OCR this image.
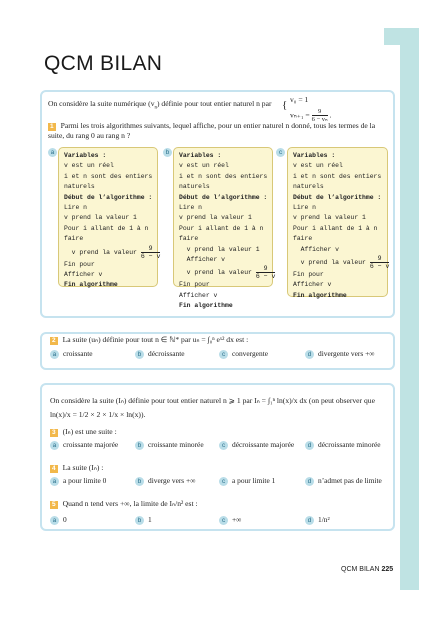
QCM BILAN
On considère la suite numérique $(v_n)$ définie pour tout entier naturel n par { v₀ = 1
$v_{n+1} = \frac{9}{\text{6 − vₙ}}$ .
1 Parmi les trois algorithmes suivants, lequel affiche, pour un entier naturel n donné, tous les termes de la
suite, du rang 0 au rang n ?
a	Variables :
v est un réel
i et n sont des entiers
naturels
Début de l’algorithme :
Lire n
v prend la valeur 1
Pour i allant de 1 à n
faire
v prend la valeur $\frac{9}{6 - v}$
Fin pour
Afficher v
Fin algorithme
b	Variables :
v est un réel
i et n sont des entiers
naturels
Début de l’algorithme :
Lire n
v prend la valeur 1
Pour i allant de 1 à n
faire
v prend la valeur 1
Afficher v
v prend la valeur $\frac{9}{6 - v}$
Fin pour
Afficher v
Fin algorithme
c	Variables :
v est un réel
i et n sont des entiers
naturels
Début de l’algorithme :
Lire n
v prend la valeur 1
Pour i allant de 1 à n
faire
Afficher v
v prend la valeur $\frac{9}{6 - v}$
Fin pour
Afficher v
Fin algorithme
2 La suite (uₙ) définie pour tout n ∈ ℕ* par uₙ = ∫₀ⁿ eˣ² dx est :
a croissante	b décroissante	c convergente	d divergente vers +∞
On considère la suite (Iₙ) définie pour tout entier naturel n ⩾ 1 par Iₙ = ∫₁ⁿ ln(x)/x dx (on peut observer que
ln(x)/x = 1/2 × 2 × 1/x × ln(x)).
3 (Iₙ) est une suite :
a croissante majorée	b croissante minorée	c décroissante majorée	d décroissante minorée
4 La suite (Iₙ) :
a a pour limite 0	b diverge vers +∞	c a pour limite 1	d n’admet pas de limite
5 Quand n tend vers +∞, la limite de Iₙ/n² est :
a 0	b 1	c +∞	d 1/n²
QCM BILAN 225
